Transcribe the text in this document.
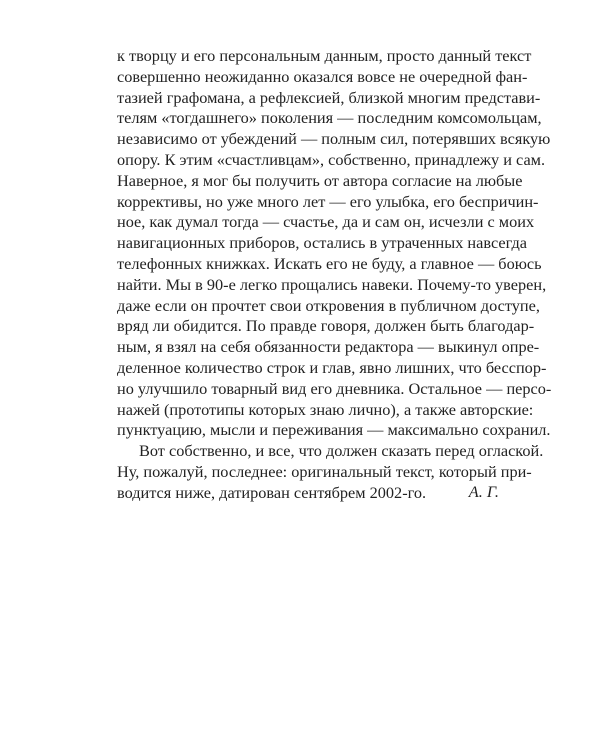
к творцу и его персональным данным, просто данный текст
совершенно неожиданно оказался вовсе не очередной фан-
тазией графомана, а рефлексией, близкой многим представи-
телям «тогдашнего» поколения — последним комсомольцам,
независимо от убеждений — полным сил, потерявших всякую
опору. К этим «счастливцам», собственно, принадлежу и сам.
Наверное, я мог бы получить от автора согласие на любые
коррективы, но уже много лет — его улыбка, его беспричин-
ное, как думал тогда — счастье, да и сам он, исчезли с моих
навигационных приборов, остались в утраченных навсегда
телефонных книжках. Искать его не буду, а главное — боюсь
найти. Мы в 90-е легко прощались навеки. Почему-то уверен,
даже если он прочтет свои откровения в публичном доступе,
вряд ли обидится. По правде говоря, должен быть благодар-
ным, я взял на себя обязанности редактора — выкинул опре-
деленное количество строк и глав, явно лишних, что бесспор-
но улучшило товарный вид его дневника. Остальное — персо-
нажей (прототипы которых знаю лично), а также авторские:
пунктуацию, мысли и переживания — максимально сохранил.
Вот собственно, и все, что должен сказать перед оглаской.
Ну, пожалуй, последнее: оригинальный текст, который при-
водится ниже, датирован сентябрем 2002-го.	А. Г.
